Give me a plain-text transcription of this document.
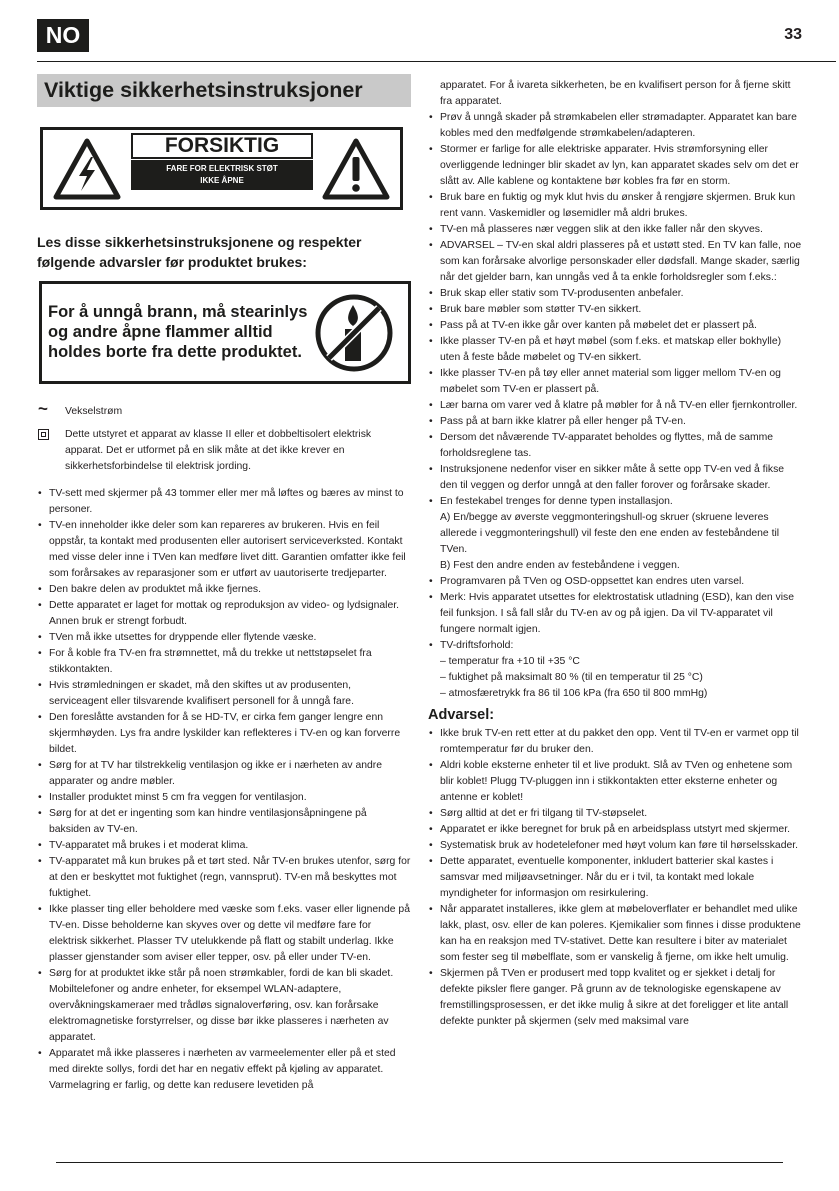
NO	33
Viktige sikkerhetsinstruksjoner
FORSIKTIG
FARE FOR ELEKTRISK STØT
IKKE ÅPNE
Les disse sikkerhetsinstruksjonene og respekter følgende advarsler før produktet brukes:
For å unngå brann, må stearinlys og andre åpne flammer alltid holdes borte fra dette produktet.
~ Vekselstrøm
Dette utstyret et apparat av klasse II eller et dobbeltisolert elektrisk apparat. Det er utformet på en slik måte at det ikke krever en sikkerhetsforbindelse til elektrisk jording.
• TV-sett med skjermer på 43 tommer eller mer må løftes og bæres av minst to personer.
• TV-en inneholder ikke deler som kan repareres av brukeren. Hvis en feil oppstår, ta kontakt med produsenten eller autorisert serviceverksted. Kontakt med visse deler inne i TVen kan medføre livet ditt. Garantien omfatter ikke feil som forårsakes av reparasjoner som er utført av uautoriserte tredjeparter.
• Den bakre delen av produktet må ikke fjernes.
• Dette apparatet er laget for mottak og reproduksjon av video- og lydsignaler. Annen bruk er strengt forbudt.
• TVen må ikke utsettes for dryppende eller flytende væske.
• For å koble fra TV-en fra strømnettet, må du trekke ut nettstøpselet fra stikkontakten.
• Hvis strømledningen er skadet, må den skiftes ut av produsenten, serviceagent eller tilsvarende kvalifisert personell for å unngå fare.
• Den foreslåtte avstanden for å se HD-TV, er cirka fem ganger lengre enn skjermhøyden. Lys fra andre lyskilder kan reflekteres i TV-en og kan forverre bildet.
• Sørg for at TV har tilstrekkelig ventilasjon og ikke er i nærheten av andre apparater og andre møbler.
• Installer produktet minst 5 cm fra veggen for ventilasjon.
• Sørg for at det er ingenting som kan hindre ventilasjonsåpningene på baksiden av TV-en.
• TV-apparatet må brukes i et moderat klima.
• TV-apparatet må kun brukes på et tørt sted. Når TV-en brukes utenfor, sørg for at den er beskyttet mot fuktighet (regn, vannsprut). TV-en må beskyttes mot fuktighet.
• Ikke plasser ting eller beholdere med væske som f.eks. vaser eller lignende på TV-en. Disse beholderne kan skyves over og dette vil medføre fare for elektrisk sikkerhet. Plasser TV utelukkende på flatt og stabilt underlag. Ikke plasser gjenstander som aviser eller tepper, osv. på eller under TV-en.
• Sørg for at produktet ikke står på noen strømkabler, fordi de kan bli skadet. Mobiltelefoner og andre enheter, for eksempel WLAN-adaptere, overvåkningskameraer med trådløs signaloverføring, osv. kan forårsake elektromagnetiske forstyrrelser, og disse bør ikke plasseres i nærheten av apparatet.
• Apparatet må ikke plasseres i nærheten av varmeelementer eller på et sted med direkte sollys, fordi det har en negativ effekt på kjøling av apparatet. Varmelagring er farlig, og dette kan redusere levetiden på
apparatet. For å ivareta sikkerheten, be en kvalifisert person for å fjerne skitt fra apparatet.
• Prøv å unngå skader på strømkabelen eller strømadapter. Apparatet kan bare kobles med den medfølgende strømkabelen/adapteren.
• Stormer er farlige for alle elektriske apparater. Hvis strømforsyning eller overliggende ledninger blir skadet av lyn, kan apparatet skades selv om det er slått av. Alle kablene og kontaktene bør kobles fra før en storm.
• Bruk bare en fuktig og myk klut hvis du ønsker å rengjøre skjermen. Bruk kun rent vann. Vaskemidler og løsemidler må aldri brukes.
• TV-en må plasseres nær veggen slik at den ikke faller når den skyves.
• ADVARSEL – TV-en skal aldri plasseres på et ustøtt sted. En TV kan falle, noe som kan forårsake alvorlige personskader eller dødsfall. Mange skader, særlig når det gjelder barn, kan unngås ved å ta enkle forholdsregler som f.eks.:
• Bruk skap eller stativ som TV-produsenten anbefaler.
• Bruk bare møbler som støtter TV-en sikkert.
• Pass på at TV-en ikke går over kanten på møbelet det er plassert på.
• Ikke plasser TV-en på et høyt møbel (som f.eks. et matskap eller bokhylle) uten å feste både møbelet og TV-en sikkert.
• Ikke plasser TV-en på tøy eller annet material som ligger mellom TV-en og møbelet som TV-en er plassert på.
• Lær barna om varer ved å klatre på møbler for å nå TV-en eller fjernkontroller.
• Pass på at barn ikke klatrer på eller henger på TV-en.
• Dersom det nåværende TV-apparatet beholdes og flyttes, må de samme forholdsreglene tas.
• Instruksjonene nedenfor viser en sikker måte å sette opp TV-en ved å fikse den til veggen og derfor unngå at den faller forover og forårsake skader.
• En festekabel trenges for denne typen installasjon.
A) En/begge av øverste veggmonteringshull-og skruer (skruene leveres allerede i veggmonteringshull) vil feste den ene enden av festebåndene til TVen.
B) Fest den andre enden av festebåndene i veggen.
• Programvaren på TVen og OSD-oppsettet kan endres uten varsel.
• Merk: Hvis apparatet utsettes for elektrostatisk utladning (ESD), kan den vise feil funksjon. I så fall slår du TV-en av og på igjen. Da vil TV-apparatet vil fungere normalt igjen.
• TV-driftsforhold:
– temperatur fra +10 til +35 °C
– fuktighet på maksimalt 80 % (til en temperatur til 25 °C)
– atmosfæretrykk fra 86 til 106 kPa (fra 650 til 800 mmHg)
Advarsel:
• Ikke bruk TV-en rett etter at du pakket den opp. Vent til TV-en er varmet opp til romtemperatur før du bruker den.
• Aldri koble eksterne enheter til et live produkt. Slå av TVen og enhetene som blir koblet! Plugg TV-pluggen inn i stikkontakten etter eksterne enheter og antenne er koblet!
• Sørg alltid at det er fri tilgang til TV-støpselet.
• Apparatet er ikke beregnet for bruk på en arbeidsplass utstyrt med skjermer.
• Systematisk bruk av hodetelefoner med høyt volum kan føre til hørselsskader.
• Dette apparatet, eventuelle komponenter, inkludert batterier skal kastes i samsvar med miljøavsetninger. Når du er i tvil, ta kontakt med lokale myndigheter for informasjon om resirkulering.
• Når apparatet installeres, ikke glem at møbeloverflater er behandlet med ulike lakk, plast, osv. eller de kan poleres. Kjemikalier som finnes i disse produktene kan ha en reaksjon med TV-stativet. Dette kan resultere i biter av materialet som fester seg til møbelflate, som er vanskelig å fjerne, om ikke helt umulig.
• Skjermen på TVen er produsert med topp kvalitet og er sjekket i detalj for defekte piksler flere ganger. På grunn av de teknologiske egenskapene av fremstillingsprosessen, er det ikke mulig å sikre at det foreligger et lite antall defekte punkter på skjermen (selv med maksimal vare
